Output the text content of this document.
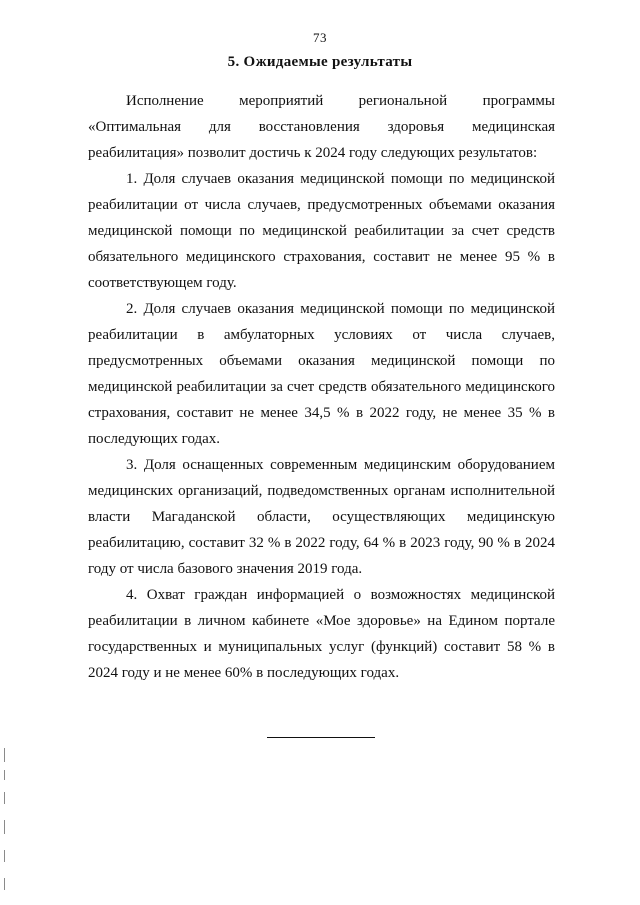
73
5. Ожидаемые результаты

Исполнение мероприятий региональной программы «Оптимальная для восстановления здоровья медицинская реабилитация» позволит достичь к 2024 году следующих результатов:

1. Доля случаев оказания медицинской помощи по медицинской реабилитации от числа случаев, предусмотренных объемами оказания медицинской помощи по медицинской реабилитации за счет средств обязательного медицинского страхования, составит не менее 95 % в соответствующем году.

2. Доля случаев оказания медицинской помощи по медицинской реабилитации в амбулаторных условиях от числа случаев, предусмотренных объемами оказания медицинской помощи по медицинской реабилитации за счет средств обязательного медицинского страхования, составит не менее 34,5 % в 2022 году, не менее 35 % в последующих годах.

3. Доля оснащенных современным медицинским оборудованием медицинских организаций, подведомственных органам исполнительной власти Магаданской области, осуществляющих медицинскую реабилитацию, составит 32 % в 2022 году, 64 % в 2023 году, 90 % в 2024 году от числа базового значения 2019 года.

4. Охват граждан информацией о возможностях медицинской реабилитации в личном кабинете «Мое здоровье» на Едином портале государственных и муниципальных услуг (функций) составит 58 % в 2024 году и не менее 60% в последующих годах.
